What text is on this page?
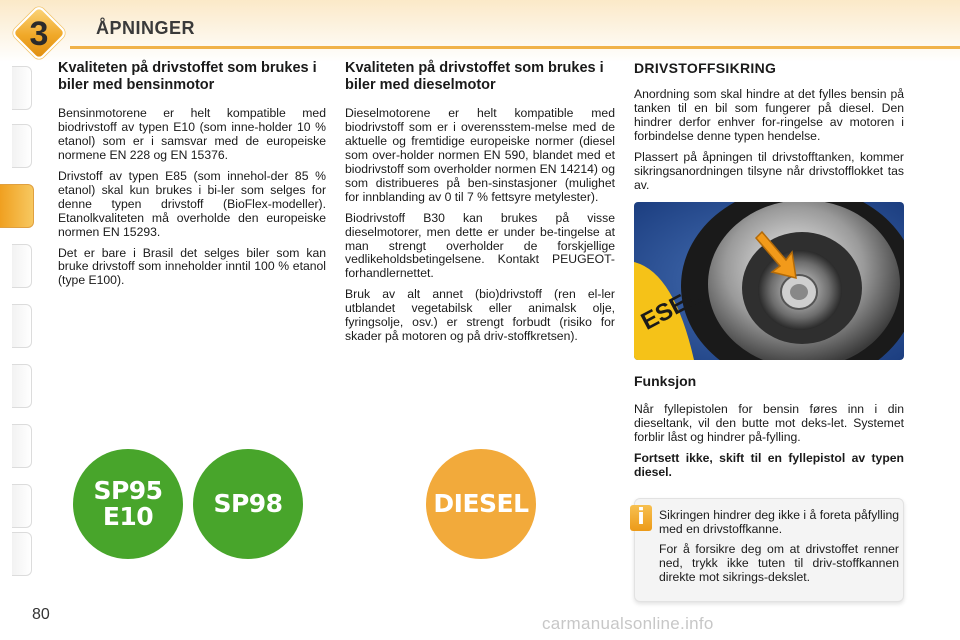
3	ÅPNINGER
Kvaliteten på drivstoffet som brukes i biler med bensinmotor

Bensinmotorene er helt kompatible med biodrivstoff av typen E10 (som inne-holder 10 % etanol) som er i samsvar med de europeiske normene EN 228 og EN 15376.

Drivstoff av typen E85 (som innehol-der 85 % etanol) skal kun brukes i bi-ler som selges for denne typen drivstoff (BioFlex-modeller). Etanolkvaliteten må overholde den europeiske normen EN 15293.

Det er bare i Brasil det selges biler som kan bruke drivstoff som inneholder inntil 100 % etanol (type E100).

Kvaliteten på drivstoffet som brukes i biler med dieselmotor

Dieselmotorene er helt kompatible med biodrivstoff som er i overensstem-melse med de aktuelle og fremtidige europeiske normer (diesel som over-holder normen EN 590, blandet med et biodrivstoff som overholder normen EN 14214) og som distribueres på ben-sinstasjoner (mulighet for innblanding av 0 til 7 % fettsyre metylester).

Biodrivstoff B30 kan brukes på visse dieselmotorer, men dette er under be-tingelse at man strengt overholder de forskjellige vedlikeholdsbetingelsene. Kontakt PEUGEOT-forhandlernettet.

Bruk av alt annet (bio)drivstoff (ren el-ler utblandet vegetabilsk eller animalsk olje, fyringsolje, osv.) er strengt forbudt (risiko for skader på motoren og på driv-stoffkretsen).

DRIVSTOFFSIKRING

Anordning som skal hindre at det fylles bensin på tanken til en bil som fungerer på diesel. Den hindrer derfor enhver for-ringelse av motoren i forbindelse denne typen hendelse.

Plassert på åpningen til drivstofftanken, kommer sikringsanordningen tilsyne når drivstofflokket tas av.

ESEL
Funksjon

Når fyllepistolen for bensin føres inn i din dieseltank, vil den butte mot deks-let. Systemet forblir låst og hindrer på-fylling.

Fortsett ikke, skift til en fyllepistol av typen diesel.

SP95
E10 SP98	DIESEL	i	Sikringen hindrer deg ikke i å foreta påfylling med en drivstoffkanne.

For å forsikre deg om at drivstoffet renner ned, trykk ikke tuten til driv-stoffkannen direkte mot sikrings-dekslet.

80	carmanualsonline.info
